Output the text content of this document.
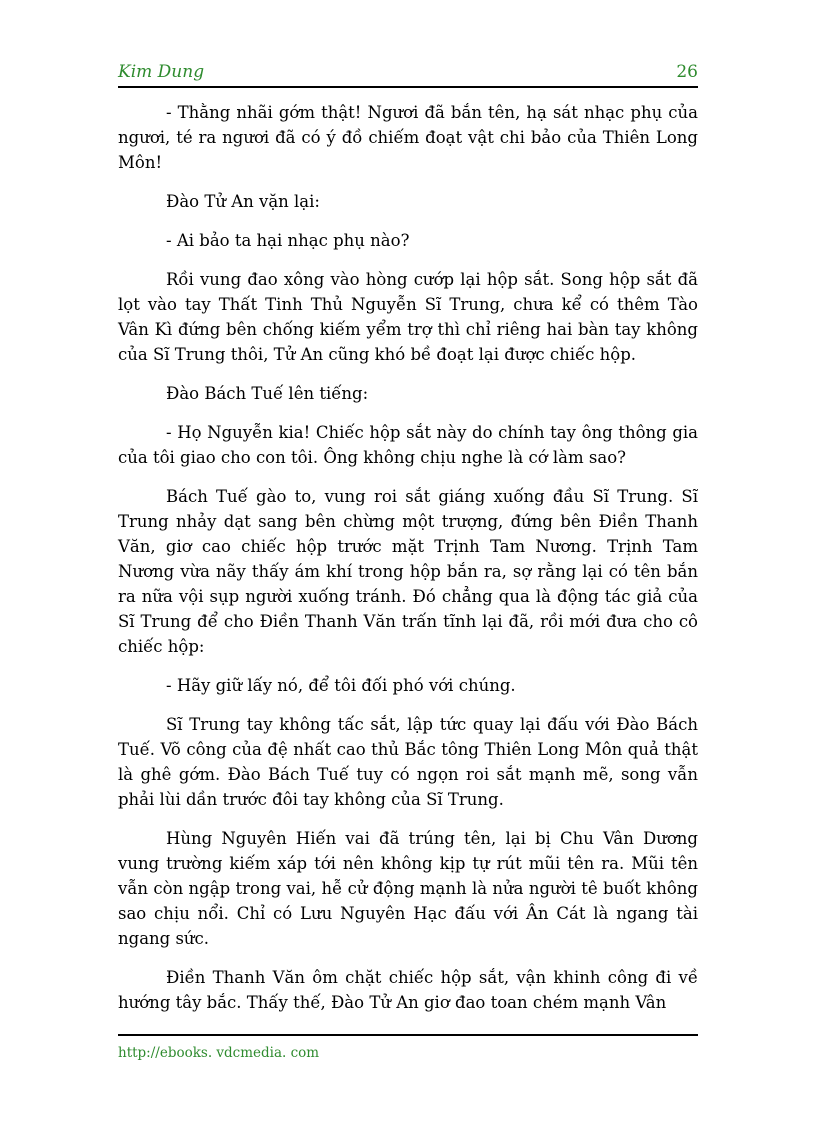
Kim Dung	26

- Thằng nhãi gớm thật! Ngươi đã bắn tên, hạ sát nhạc phụ của ngươi, té ra ngươi đã có ý đồ chiếm đoạt vật chi bảo của Thiên Long Môn!

Đào Tử An vặn lại:

- Ai bảo ta hại nhạc phụ nào?

Rồi vung đao xông vào hòng cướp lại hộp sắt. Song hộp sắt đã lọt vào tay Thất Tinh Thủ Nguyễn Sĩ Trung, chưa kể có thêm Tào Vân Kì đứng bên chống kiếm yểm trợ thì chỉ riêng hai bàn tay không của Sĩ Trung thôi, Tử An cũng khó bề đoạt lại được chiếc hộp.

Đào Bách Tuế lên tiếng:

- Họ Nguyễn kia! Chiếc hộp sắt này do chính tay ông thông gia của tôi giao cho con tôi. Ông không chịu nghe là cớ làm sao?

Bách Tuế gào to, vung roi sắt giáng xuống đầu Sĩ Trung. Sĩ Trung nhảy dạt sang bên chừng một trượng, đứng bên Điền Thanh Văn, giơ cao chiếc hộp trước mặt Trịnh Tam Nương. Trịnh Tam Nương vừa nãy thấy ám khí trong hộp bắn ra, sợ rằng lại có tên bắn ra nữa vội sụp người xuống tránh. Đó chẳng qua là động tác giả của Sĩ Trung để cho Điền Thanh Văn trấn tĩnh lại đã, rồi mới đưa cho cô chiếc hộp:

- Hãy giữ lấy nó, để tôi đối phó với chúng.

Sĩ Trung tay không tấc sắt, lập tức quay lại đấu với Đào Bách Tuế. Võ công của đệ nhất cao thủ Bắc tông Thiên Long Môn quả thật là ghê gớm. Đào Bách Tuế tuy có ngọn roi sắt mạnh mẽ, song vẫn phải lùi dần trước đôi tay không của Sĩ Trung.

Hùng Nguyên Hiến vai đã trúng tên, lại bị Chu Vân Dương vung trường kiếm xáp tới nên không kịp tự rút mũi tên ra. Mũi tên vẫn còn ngập trong vai, hễ cử động mạnh là nửa người tê buốt không sao chịu nổi. Chỉ có Lưu Nguyên Hạc đấu với Ân Cát là ngang tài ngang sức.

Điền Thanh Văn ôm chặt chiếc hộp sắt, vận khinh công đi về hướng tây bắc. Thấy thế, Đào Tử An giơ đao toan chém mạnh Vân

http://ebooks. vdcmedia. com
